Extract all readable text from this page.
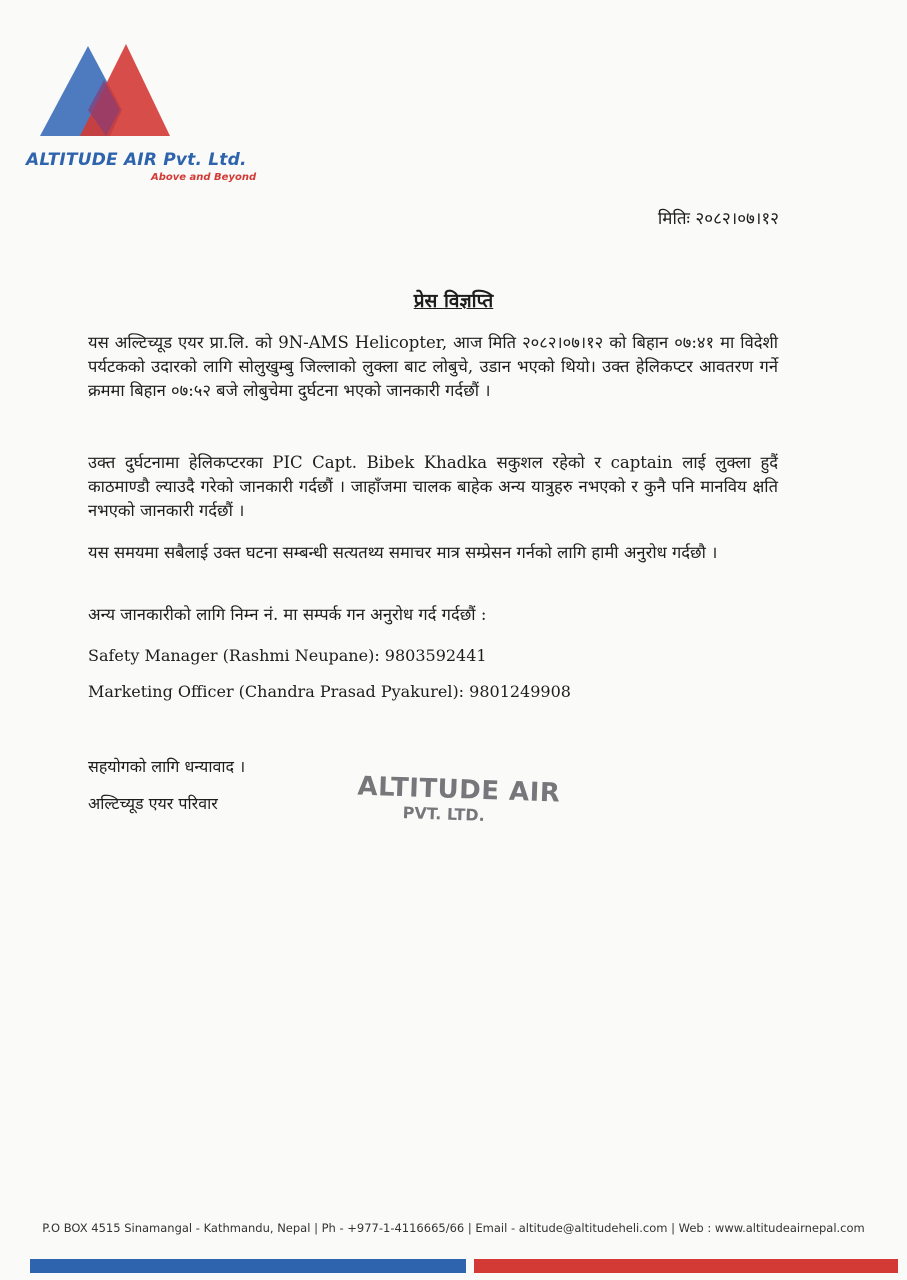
ALTITUDE AIR Pvt. Ltd.
Above and Beyond
मितिः २०८२।०७।१२
प्रेस विज्ञप्ति
यस अल्टिच्यूड एयर प्रा.लि. को 9N-AMS Helicopter, आज मिति २०८२।०७।१२ को बिहान ०७:४१ मा विदेशी पर्यटकको उदारको लागि सोलुखुम्बु जिल्लाको लुक्ला बाट लोबुचे, उडान भएको थियो। उक्त हेलिकप्टर आवतरण गर्ने क्रममा बिहान ०७:५२ बजे लोबुचेमा दुर्घटना भएको जानकारी गर्दछौं ।
उक्त दुर्घटनामा हेलिकप्टरका PIC Capt. Bibek Khadka सकुशल रहेको र captain लाई लुक्ला हुदैं काठमाण्डौ ल्याउदै गरेको जानकारी गर्दछौं । जाहाँजमा चालक बाहेक अन्य यात्रुहरु नभएको र कुनै पनि मानविय क्षति नभएको जानकारी गर्दछौं ।
यस समयमा सबैलाई उक्त घटना सम्बन्धी सत्यतथ्य समाचर मात्र सम्प्रेसन गर्नको लागि हामी अनुरोध गर्दछौ ।
अन्य जानकारीको लागि निम्न नं. मा सम्पर्क गन अनुरोध गर्द गर्दछौं :
Safety Manager (Rashmi Neupane): 9803592441
Marketing Officer (Chandra Prasad Pyakurel): 9801249908
सहयोगको लागि धन्यावाद ।
अल्टिच्यूड एयर परिवार	ALTITUDE AIR
PVT. LTD.
P.O BOX 4515 Sinamangal - Kathmandu, Nepal | Ph - +977-1-4116665/66 | Email - altitude@altitudeheli.com | Web : www.altitudeairnepal.com
